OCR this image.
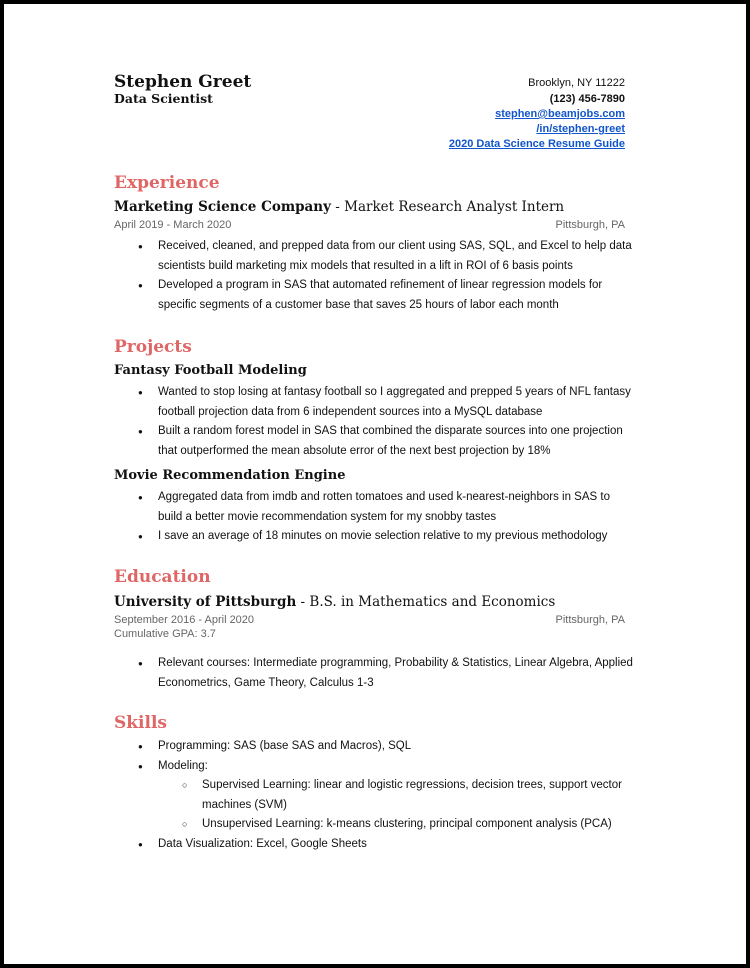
Stephen Greet
Data Scientist
Brooklyn, NY 11222
(123) 456-7890
stephen@beamjobs.com
/in/stephen-greet
2020 Data Science Resume Guide
Experience
Marketing Science Company - Market Research Analyst Intern
April 2019 - March 2020	Pittsburgh, PA
● Received, cleaned, and prepped data from our client using SAS, SQL, and Excel to help data scientists build marketing mix models that resulted in a lift in ROI of 6 basis points
● Developed a program in SAS that automated refinement of linear regression models for specific segments of a customer base that saves 25 hours of labor each month
Projects
Fantasy Football Modeling
● Wanted to stop losing at fantasy football so I aggregated and prepped 5 years of NFL fantasy football projection data from 6 independent sources into a MySQL database
● Built a random forest model in SAS that combined the disparate sources into one projection that outperformed the mean absolute error of the next best projection by 18%
Movie Recommendation Engine
● Aggregated data from imdb and rotten tomatoes and used k-nearest-neighbors in SAS to build a better movie recommendation system for my snobby tastes
● I save an average of 18 minutes on movie selection relative to my previous methodology
Education
University of Pittsburgh - B.S. in Mathematics and Economics
September 2016 - April 2020	Pittsburgh, PA
Cumulative GPA: 3.7
● Relevant courses: Intermediate programming, Probability & Statistics, Linear Algebra, Applied Econometrics, Game Theory, Calculus 1-3
Skills
● Programming: SAS (base SAS and Macros), SQL
● Modeling:
○ Supervised Learning: linear and logistic regressions, decision trees, support vector machines (SVM)
○ Unsupervised Learning: k-means clustering, principal component analysis (PCA)
● Data Visualization: Excel, Google Sheets
